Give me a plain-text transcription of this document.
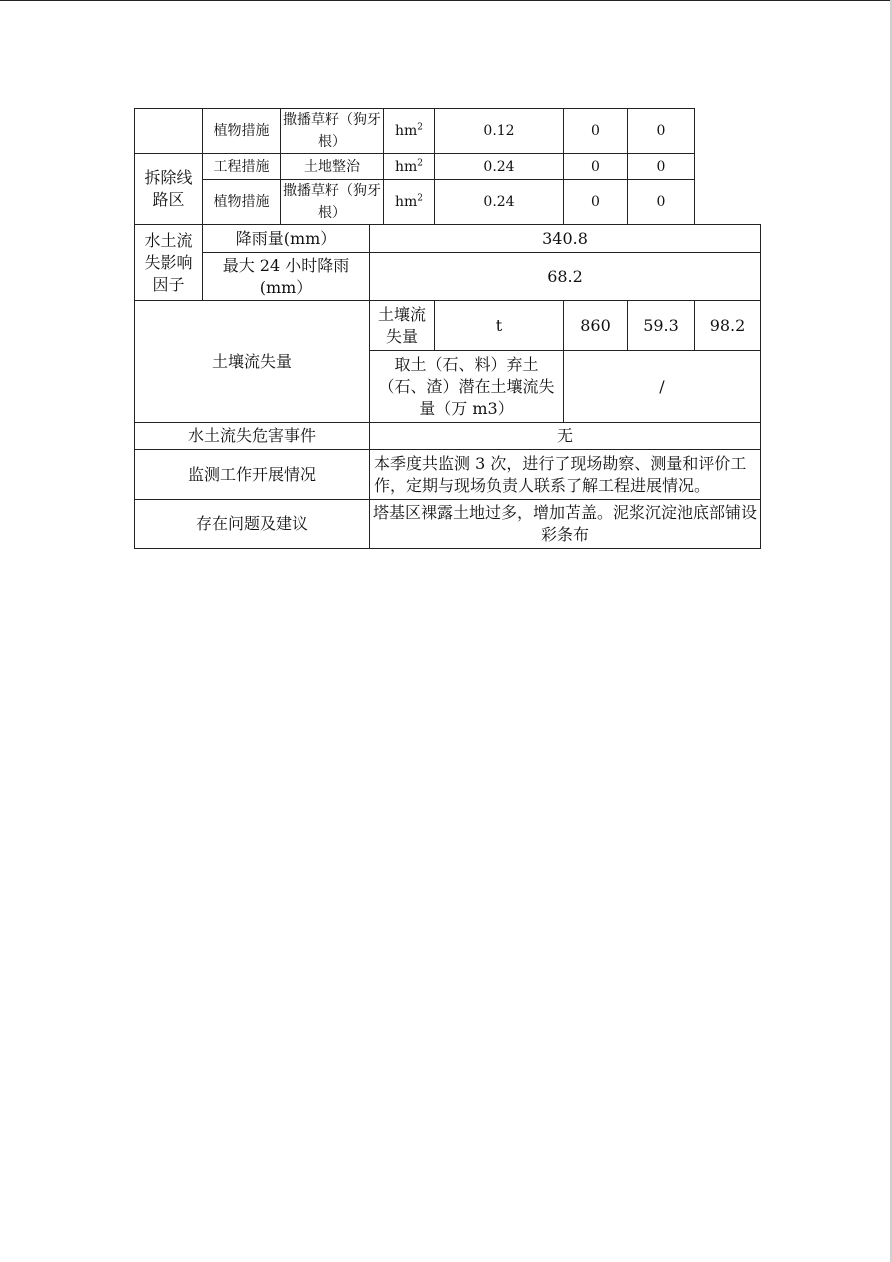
	植物措施	撒播草籽（狗牙根）		$hm^2$	0.12	0	0	
拆除线路区	工程措施	土地整治		$hm^2$	0.24	0	0	
	植物措施	撒播草籽（狗牙根）		$hm^2$	0.24	0	0	
水土流失影响因子	降雨量(mm）		340.8					
	最大 24 小时降雨(mm）		68.2					
土壤流失量			土壤流失量		t	860	59.3	98.2
			取土（石、料）弃土（石、渣）潜在土壤流失量（万 m3）			/		
水土流失危害事件			无					
监测工作开展情况			本季度共监测 3 次，进行了现场勘察、测量和评价工作，定期与现场负责人联系了解工程进展情况。					
存在问题及建议			塔基区裸露土地过多，增加苫盖。泥浆沉淀池底部铺设彩条布					
